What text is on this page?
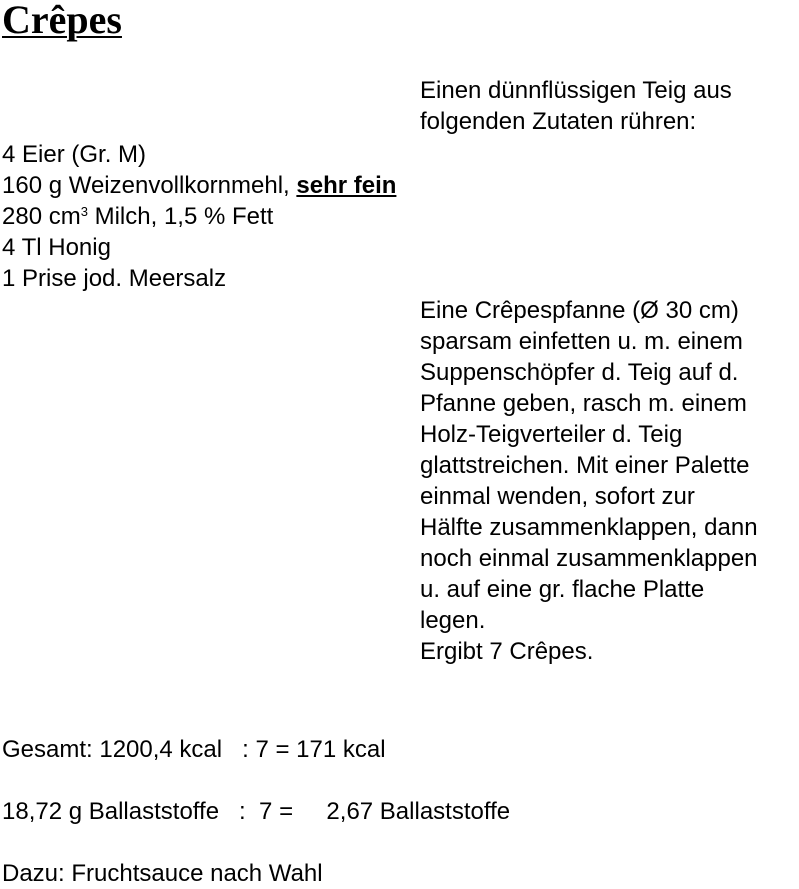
Crêpes
Einen dünnflüssigen Teig aus
folgenden Zutaten rühren:
4 Eier (Gr. M)
160 g Weizenvollkornmehl, sehr fein
280 $cm^3$ Milch, 1,5 % Fett
4 Tl Honig
1 Prise jod. Meersalz
Eine Crêpespfanne (Ø 30 cm)
sparsam einfetten u. m. einem
Suppenschöpfer d. Teig auf d.
Pfanne geben, rasch m. einem
Holz-Teigverteiler d. Teig
glattstreichen. Mit einer Palette
einmal wenden, sofort zur
Hälfte zusammenklappen, dann
noch einmal zusammenklappen
u. auf eine gr. flache Platte
legen.
Ergibt 7 Crêpes.
Gesamt: 1200,4 kcal   : 7 = 171 kcal
18,72 g Ballaststoffe   :  7 =     2,67 Ballaststoffe
Dazu: Fruchtsauce nach Wahl
